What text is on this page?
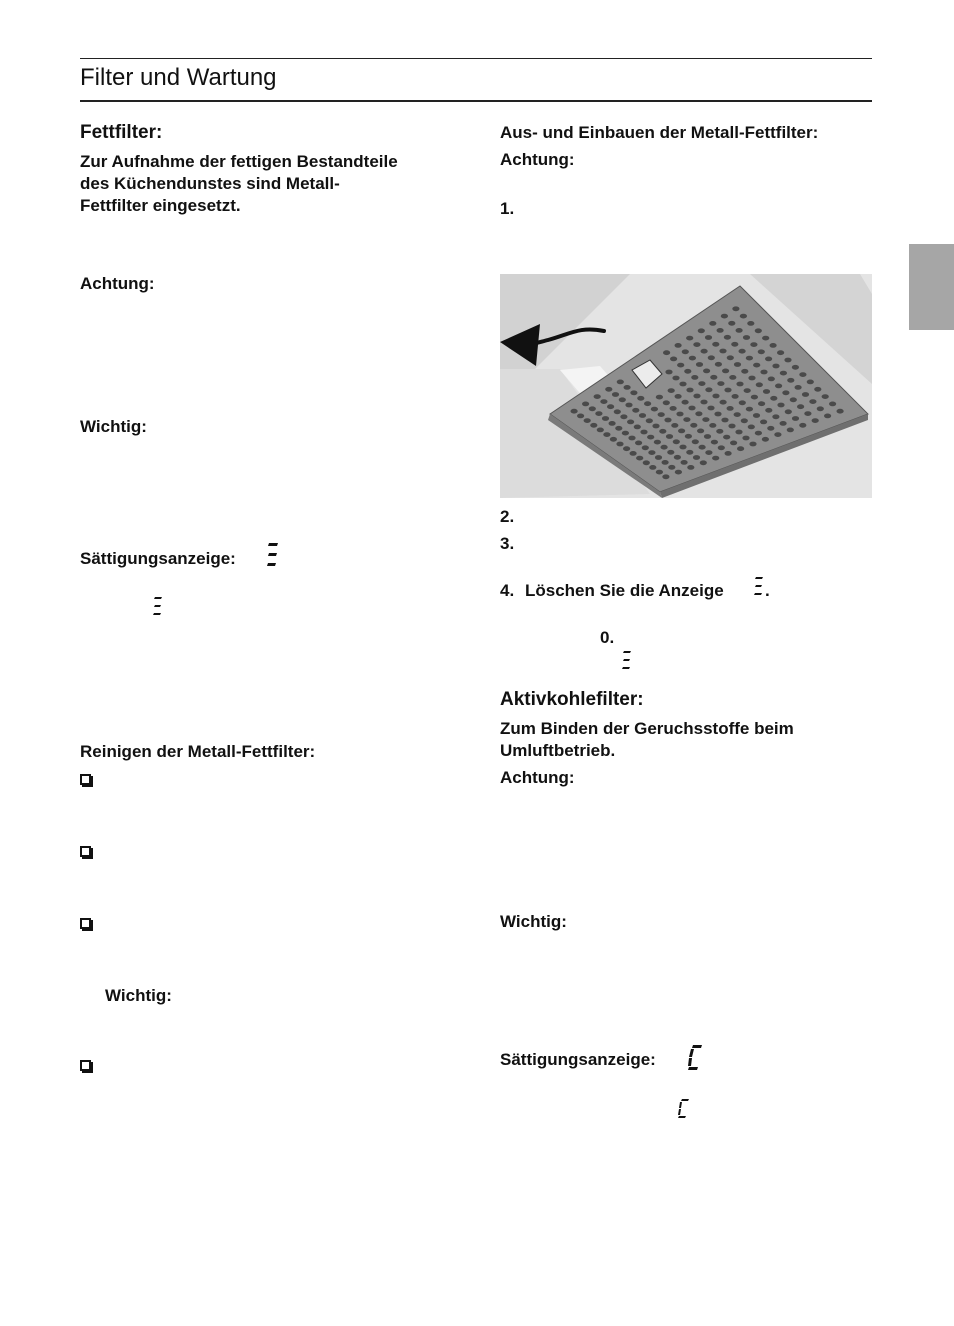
Filter und Wartung
Fettfilter:
Zur Aufnahme der fettigen Bestandteile
des Küchendunstes sind Metall-
Fettfilter eingesetzt.
Achtung:
Wichtig:
Sättigungsanzeige:
Reinigen der Metall-Fettfilter:
Wichtig:
Aus- und Einbauen der Metall-Fettfilter:
Achtung:
1.
2.
3.
4. Löschen Sie die Anzeige .
0.
Aktivkohlefilter:
Zum Binden der Geruchsstoffe beim
Umluftbetrieb.
Achtung:
Wichtig:
Sättigungsanzeige:
